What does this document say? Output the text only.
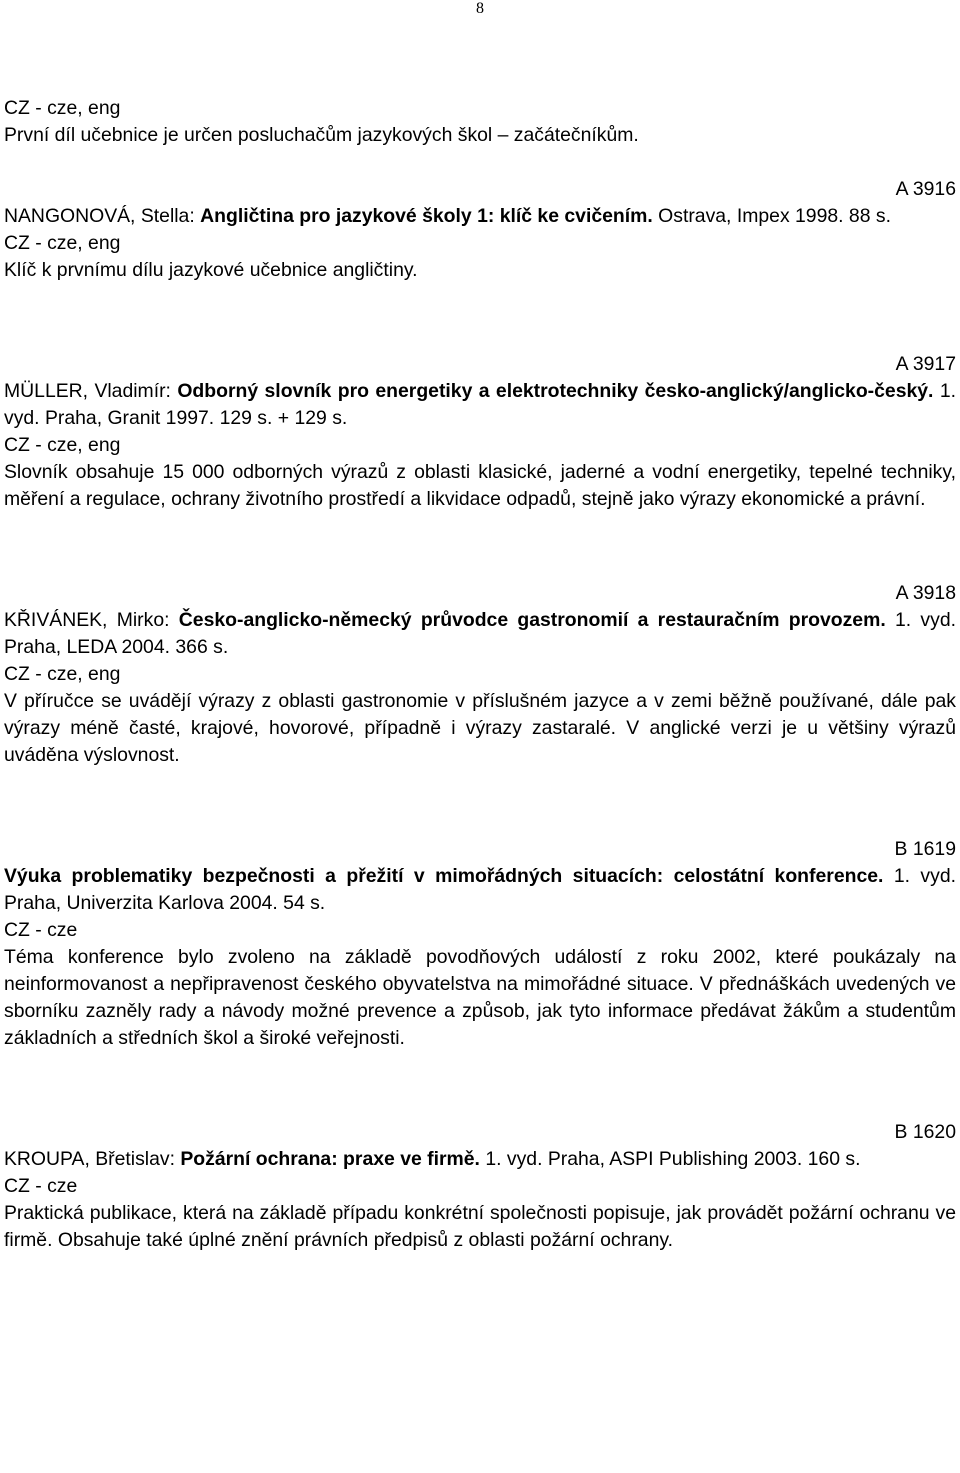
8

CZ - cze, eng

První díl učebnice je určen posluchačům jazykových škol – začátečníkům.

A 3916

NANGONOVÁ, Stella: Angličtina pro jazykové školy 1: klíč ke cvičením. Ostrava, Impex 1998. 88 s.

CZ - cze, eng

Klíč k prvnímu dílu jazykové učebnice angličtiny.

A 3917

MÜLLER, Vladimír: Odborný slovník pro energetiky a elektrotechniky česko-anglický/anglicko-český. 1. vyd. Praha, Granit 1997. 129 s. + 129 s.

CZ - cze, eng

Slovník obsahuje 15 000 odborných výrazů z oblasti klasické, jaderné a vodní energetiky, tepelné techniky, měření a regulace, ochrany životního prostředí a likvidace odpadů, stejně jako výrazy ekonomické a právní.

A 3918

KŘIVÁNEK, Mirko: Česko-anglicko-německý průvodce gastronomií a restauračním provozem. 1. vyd. Praha, LEDA 2004. 366 s.

CZ - cze, eng

V příručce se uvádějí výrazy z oblasti gastronomie v příslušném jazyce a v zemi běžně používané, dále pak výrazy méně časté, krajové, hovorové, případně i výrazy zastaralé. V anglické verzi je u většiny výrazů uváděna výslovnost.

B 1619

Výuka problematiky bezpečnosti a přežití v mimořádných situacích: celostátní konference. 1. vyd. Praha, Univerzita Karlova 2004. 54 s.

CZ - cze

Téma konference bylo zvoleno na základě povodňových událostí z roku 2002, které poukázaly na neinformovanost a nepřipravenost českého obyvatelstva na mimořádné situace. V přednáškách uvedených ve sborníku zazněly rady a návody možné prevence a způsob, jak tyto informace předávat žákům a studentům základních a středních škol a široké veřejnosti.

B 1620

KROUPA, Břetislav: Požární ochrana: praxe ve firmě. 1. vyd. Praha, ASPI Publishing 2003. 160 s.

CZ - cze

Praktická publikace, která na základě případu konkrétní společnosti popisuje, jak provádět požární ochranu ve firmě. Obsahuje také úplné znění právních předpisů z oblasti požární ochrany.
